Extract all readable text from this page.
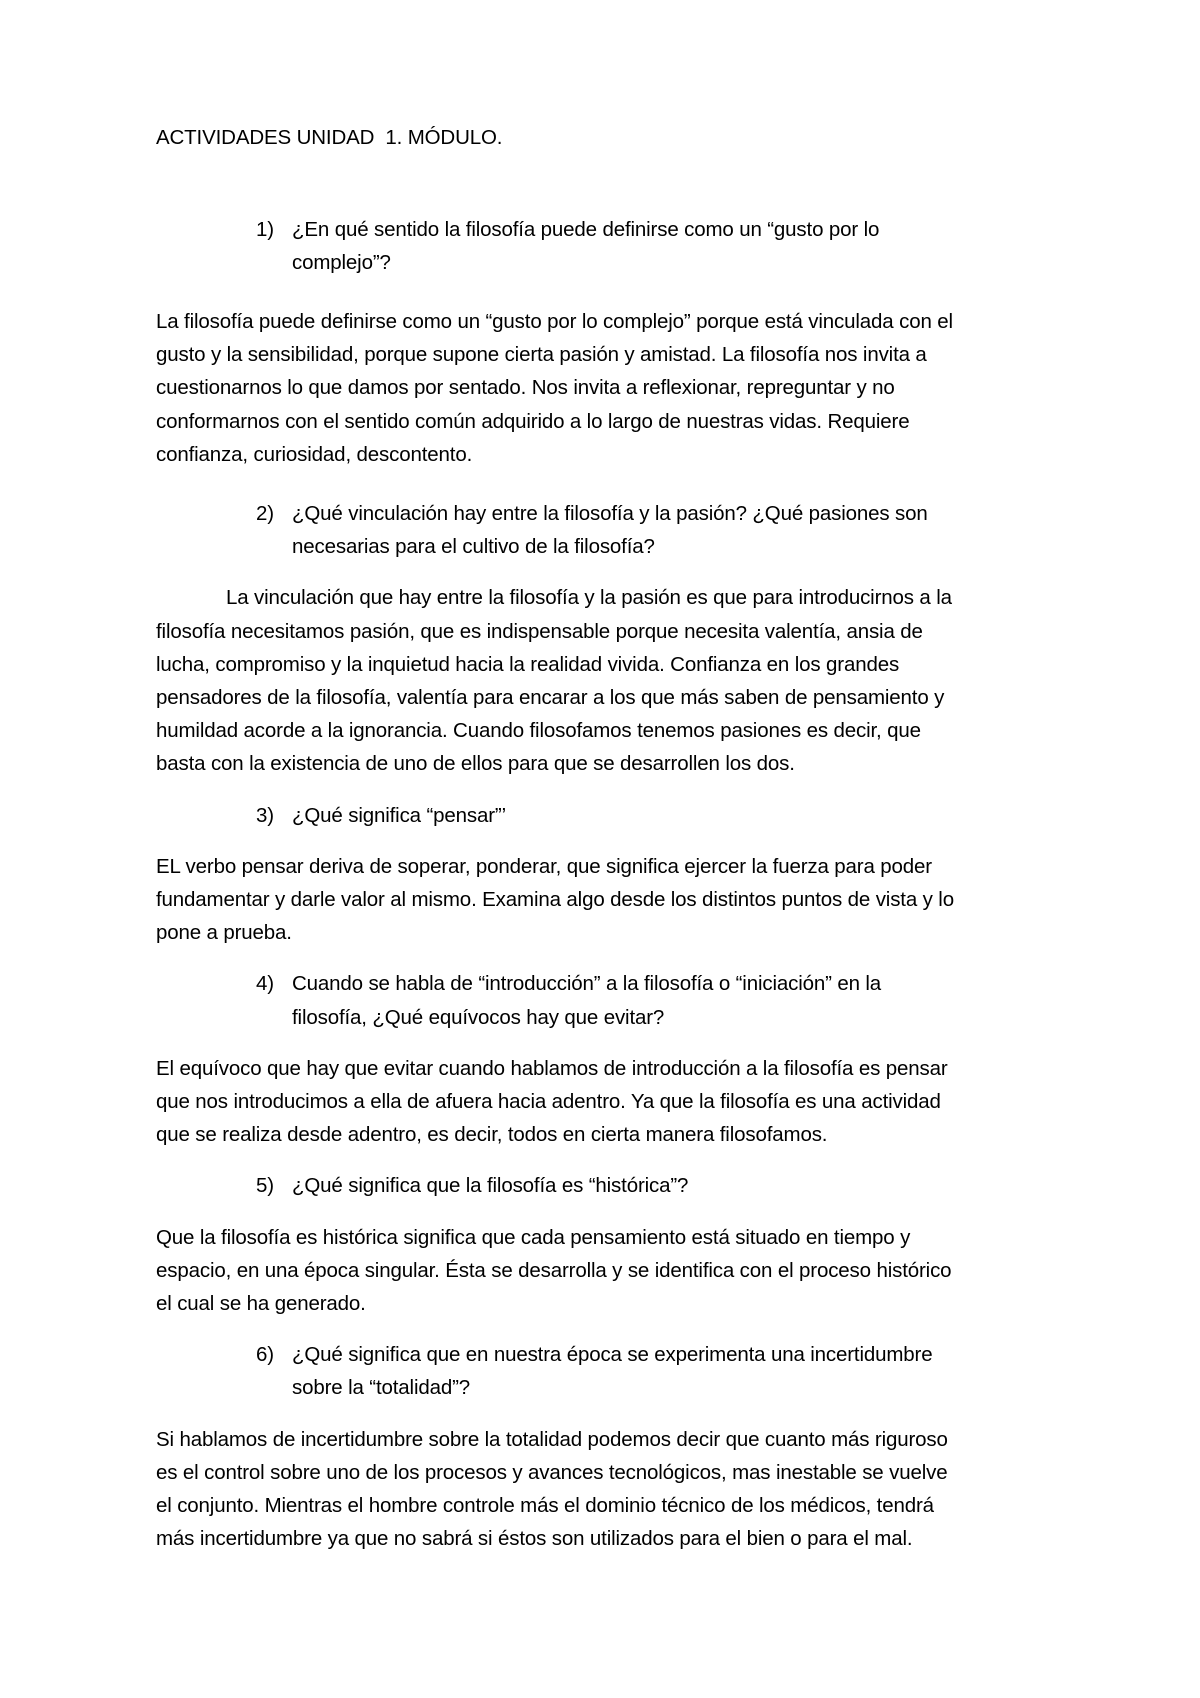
ACTIVIDADES UNIDAD  1. MÓDULO.

1) ¿En qué sentido la filosofía puede definirse como un “gusto por lo complejo”?

La filosofía puede definirse como un “gusto por lo complejo” porque está vinculada con el gusto y la sensibilidad, porque supone cierta pasión y amistad. La filosofía nos invita a cuestionarnos lo que damos por sentado. Nos invita a reflexionar, repreguntar y no conformarnos con el sentido común adquirido a lo largo de nuestras vidas. Requiere confianza, curiosidad, descontento.

2) ¿Qué vinculación hay entre la filosofía y la pasión? ¿Qué pasiones son necesarias para el cultivo de la filosofía?

La vinculación que hay entre la filosofía y la pasión es que para introducirnos a la filosofía necesitamos pasión, que es indispensable porque necesita valentía, ansia de lucha, compromiso y la inquietud hacia la realidad vivida. Confianza en los grandes pensadores de la filosofía, valentía para encarar a los que más saben de pensamiento y humildad acorde a la ignorancia. Cuando filosofamos tenemos pasiones es decir, que basta con la existencia de uno de ellos para que se desarrollen los dos.

3) ¿Qué significa “pensar”’

EL verbo pensar deriva de soperar, ponderar, que significa ejercer la fuerza para poder fundamentar y darle valor al mismo. Examina algo desde los distintos puntos de vista y lo pone a prueba.

4) Cuando se habla de “introducción” a la filosofía o “iniciación” en la filosofía, ¿Qué equívocos hay que evitar?

El equívoco que hay que evitar cuando hablamos de introducción a la filosofía es pensar que nos introducimos a ella de afuera hacia adentro. Ya que la filosofía es una actividad que se realiza desde adentro, es decir, todos en cierta manera filosofamos.

5) ¿Qué significa que la filosofía es “histórica”?

Que la filosofía es histórica significa que cada pensamiento está situado en tiempo y espacio, en una época singular. Ésta se desarrolla y se identifica con el proceso histórico el cual se ha generado.

6) ¿Qué significa que en nuestra época se experimenta una incertidumbre sobre la “totalidad”?

Si hablamos de incertidumbre sobre la totalidad podemos decir que cuanto más riguroso es el control sobre uno de los procesos y avances tecnológicos, mas inestable se vuelve el conjunto. Mientras el hombre controle más el dominio técnico de los médicos, tendrá más incertidumbre ya que no sabrá si éstos son utilizados para el bien o para el mal.
